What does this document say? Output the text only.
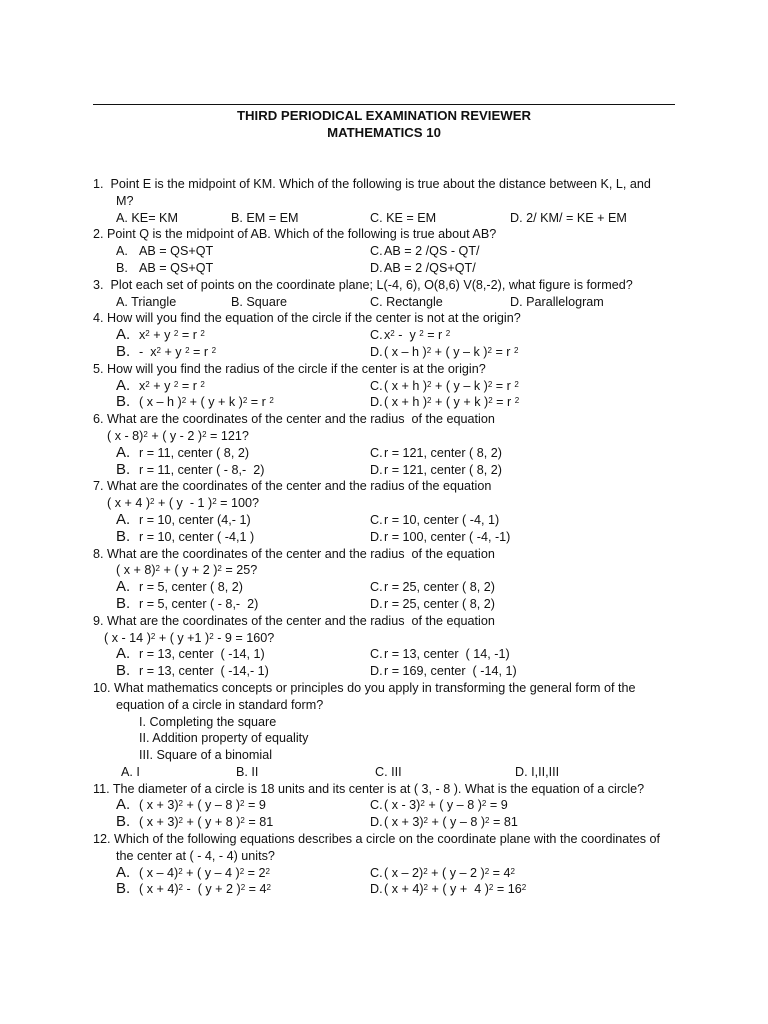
THIRD PERIODICAL EXAMINATION REVIEWER
MATHEMATICS 10
1.  Point E is the midpoint of KM. Which of the following is true about the distance between K, L, and
M?
A. KE= KM	B. EM = EM	C. KE = EM	D. 2/ KM/ = KE + EM
2. Point Q is the midpoint of AB. Which of the following is true about AB?
A. AB = QS+QT	C. AB = 2 /QS - QT/
B. AB = QS+QT	D. AB = 2 /QS+QT/
3.  Plot each set of points on the coordinate plane; L(-4, 6), O(8,6) V(8,-2), what figure is formed?
A. Triangle	B. Square	C. Rectangle	D. Parallelogram
4. How will you find the equation of the circle if the center is not at the origin?
A. $x^2 + y$ $^2$ = r $^2$	C. $x^2$ -  y $^2$ = r $^2$
B. -  $x^2 + y$ $^2$ = r $^2$	D. ( x – h )$^2$ + ( y – k )$^2$ = r $^2$
5. How will you find the radius of the circle if the center is at the origin?
A. $x^2 + y$ $^2$ = r $^2$	C. ( x + h )$^2$ + ( y – k )$^2$ = r $^2$
B. ( x – h )$^2$ + ( y + k )$^2$ = r $^2$	D. ( x + h )$^2$ + ( y + k )$^2$ = r $^2$
6. What are the coordinates of the center and the radius  of the equation
( x - 8)$^2$ + ( y - 2 )$^2$ = 121?
A. r = 11, center ( 8, 2)	C. r = 121, center ( 8, 2)
B. r = 11, center ( - 8,-  2)	D. r = 121, center ( 8, 2)
7. What are the coordinates of the center and the radius of the equation
( x + 4 )$^2$ + ( y  - 1 )$^2$ = 100?
A. r = 10, center (4,- 1)	C. r = 10, center ( -4, 1)
B. r = 10, center ( -4,1 )	D. r = 100, center ( -4, -1)
8. What are the coordinates of the center and the radius  of the equation
( x + 8)$^2$ + ( y + 2 )$^2$ = 25?
A. r = 5, center ( 8, 2)	C. r = 25, center ( 8, 2)
B. r = 5, center ( - 8,-  2)	D. r = 25, center ( 8, 2)
9. What are the coordinates of the center and the radius  of the equation
( x - 14 )$^2$ + ( y +1 )$^2$ - 9 = 160?
A. r = 13, center  ( -14, 1)	C. r = 13, center  ( 14, -1)
B. r = 13, center  ( -14,- 1)	D. r = 169, center  ( -14, 1)
10. What mathematics concepts or principles do you apply in transforming the general form of the
equation of a circle in standard form?
I. Completing the square
II. Addition property of equality
III. Square of a binomial
A. I	B. II	C. III	D. I,II,III
11. The diameter of a circle is 18 units and its center is at ( 3, - 8 ). What is the equation of a circle?
A. ( x + 3)$^2$ + ( y – 8 )$^2$ = 9	C. ( x - 3)$^2$ + ( y – 8 )$^2$ = 9
B. ( x + 3)$^2$ + ( y + 8 )$^2$ = 81	D. ( x + 3)$^2$ + ( y – 8 )$^2$ = 81
12. Which of the following equations describes a circle on the coordinate plane with the coordinates of
the center at ( - 4, - 4) units?
A. ( x – 4)$^2$ + ( y – 4 )$^2 = 2^2$	C. ( x – 2)$^2$ + ( y – 2 )$^2 = 4^2$
B. ( x + 4)$^2$ -  ( y + 2 )$^2 = 4^2$	D. ( x + 4)$^2$ + ( y +  4 )$^2 = 16^2$
